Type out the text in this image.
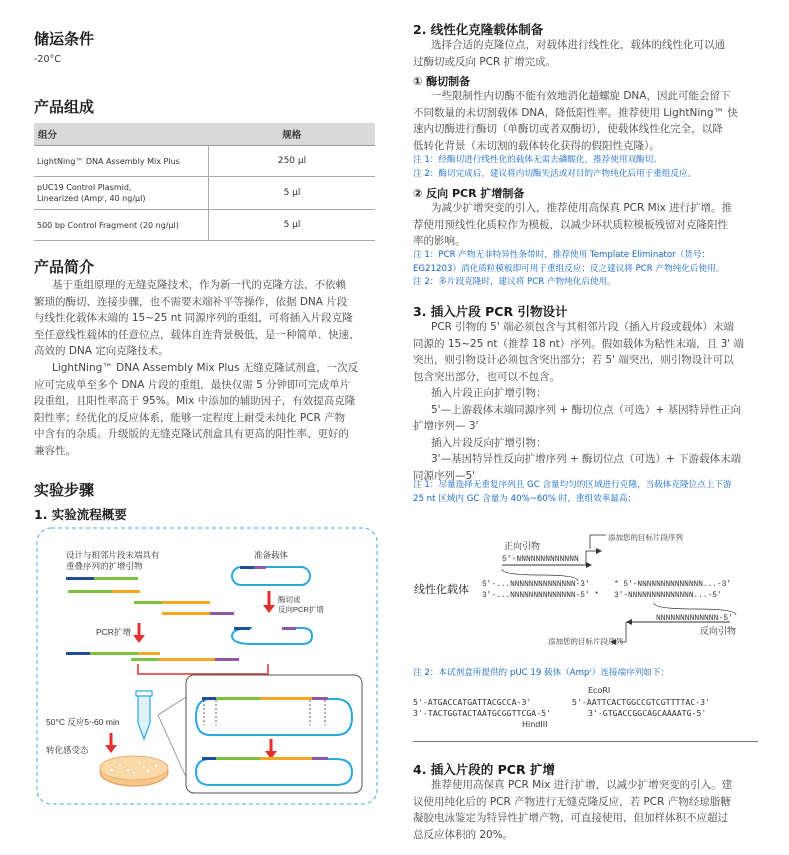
储运条件
-20°C
产品组成
组分	规格
LightNing™ DNA Assembly Mix Plus	250 μl
pUC19 Control Plasmid,
Linearized (Ampʳ, 40 ng/μl)	5 μl
500 bp Control Fragment (20 ng/μl)	5 μl
产品简介
基于重组原理的无缝克隆技术，作为新一代的克隆方法，不依赖
繁琐的酶切、连接步骤，也不需要末端补平等操作，依据 DNA 片段
与线性化载体末端的 15~25 nt 同源序列的重组，可将插入片段克隆
至任意线性载体的任意位点，载体自连背景极低，是一种简单、快速、
高效的 DNA 定向克隆技术。
LightNing™ DNA Assembly Mix Plus 无缝克隆试剂盒，一次反
应可完成单至多个 DNA 片段的重组，最快仅需 5 分钟即可完成单片
段重组，且阳性率高于 95%。Mix 中添加的辅助因子，有效提高克隆
阳性率；经优化的反应体系，能够一定程度上耐受未纯化 PCR 产物
中含有的杂质。升级版的无缝克隆试剂盒具有更高的阳性率、更好的
兼容性。
实验步骤
1. 实验流程概要
设计与相邻片段末端具有
重叠序列的扩增引物
PCR扩增
准备载体
酶切或
反向PCR扩增
50°C 反应5~60 min
转化感受态
2. 线性化克隆载体制备
选择合适的克隆位点，对载体进行线性化，载体的线性化可以通
过酶切或反向 PCR 扩增完成。
① 酶切制备
一些限制性内切酶不能有效地消化超螺旋 DNA，因此可能会留下
不同数量的未切割载体 DNA，降低阳性率。推荐使用 LightNing™ 快
速内切酶进行酶切（单酶切或者双酶切），使载体线性化完全，以降
低转化背景（未切割的载体转化获得的假阳性克隆）。
注 1：经酶切进行线性化的载体无需去磷酸化，推荐使用双酶切。
注 2：酶切完成后，建议将内切酶失活或对目的产物纯化后用于重组反应。
② 反向 PCR 扩增制备
为减少扩增突变的引入，推荐使用高保真 PCR Mix 进行扩增。推
荐使用预线性化质粒作为模板，以减少环状质粒模板残留对克隆阳性
率的影响。
注 1：PCR 产物无非特异性条带时，推荐使用 Template Eliminator（货号：
EG21203）消化质粒模板即可用于重组反应；反之建议将 PCR 产物纯化后使用。
注 2：多片段克隆时，建议将 PCR 产物纯化后使用。
3. 插入片段 PCR 引物设计
PCR 引物的 5' 端必须包含与其相邻片段（插入片段或载体）末端
同源的 15~25 nt（推荐 18 nt）序列。假如载体为粘性末端，且 3' 端
突出，则引物设计必须包含突出部分；若 5' 端突出，则引物设计可以
包含突出部分，也可以不包含。
插入片段正向扩增引物：
5'—上游载体末端同源序列 + 酶切位点（可选）+ 基因特异性正向
扩增序列— 3'
插入片段反向扩增引物：
3'—基因特异性反向扩增序列 + 酶切位点（可选）+ 下游载体末端
同源序列—5'
注 1：尽量选择无重复序列且 GC 含量均匀的区域进行克隆，当载体克隆位点上下游
25 nt 区域内 GC 含量为 40%~60% 时，重组效率最高；
正向引物
5'-NNNNNNNNNNNNN
添加您的目标片段序列
线性化载体 5'-...NNNNNNNNNNNNNN-3'
3'-...NNNNNNNNNNNNNN-5' *
* 5'-NNNNNNNNNNNNNN...-3'
3'-NNNNNNNNNNNNNN...-5'
NNNNNNNNNNNNN-5'
反向引物
添加您的目标片段序列
注 2：本试剂盒所提供的 pUC 19 载体（Ampʳ）连接端序列如下：
EcoRI
5'-ATGACCATGATTACGCCA-3'
3'-TACTGGTACTAATGCGGTTCGA-5'
5'-AATTCACTGGCCGTCGTTTTAC-3'
3'-GTGACCGGCAGCAAAATG-5'
HindIII
4. 插入片段的 PCR 扩增
推荐使用高保真 PCR Mix 进行扩增，以减少扩增突变的引入。建
议使用纯化后的 PCR 产物进行无缝克隆反应，若 PCR 产物经琼脂糖
凝胶电泳鉴定为特异性扩增产物，可直接使用，但加样体积不应超过
总反应体积的 20%。
